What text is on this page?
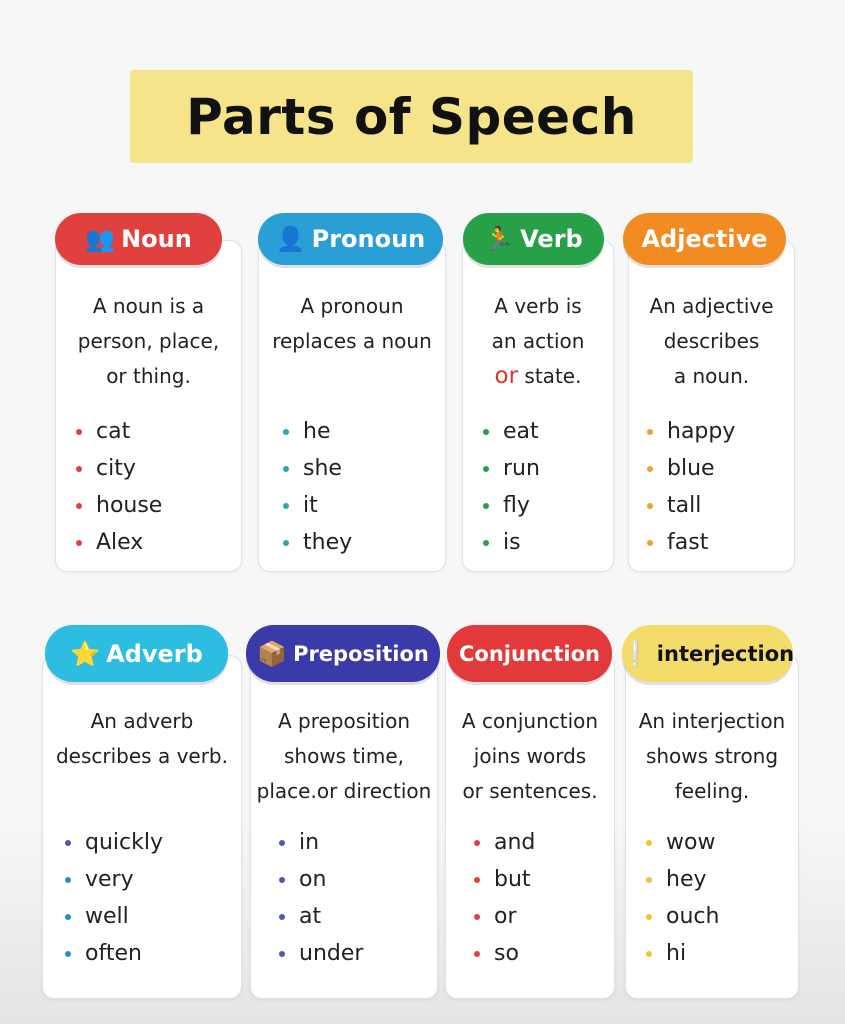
Parts of Speech
A noun is a
person, place,
or thing.
cat
city
house
Alex
👥 Noun
A pronoun
replaces a noun
he
she
it
they
👤 Pronoun
A verb is
an action
or state.
eat
run
fly
is
🏃 Verb
An adjective
describes
a noun.
happy
blue
tall
fast
Adjective
An adverb
describes a verb.
quickly
very
well
often
⭐ Adverb
A preposition
shows time,
place.or direction
in
on
at
under
📦 Preposition
A conjunction
joins words
or sentences.
and
but
or
so
Conjunction
An interjection
shows strong
feeling.
wow
hey
ouch
hi
❕ interjection
